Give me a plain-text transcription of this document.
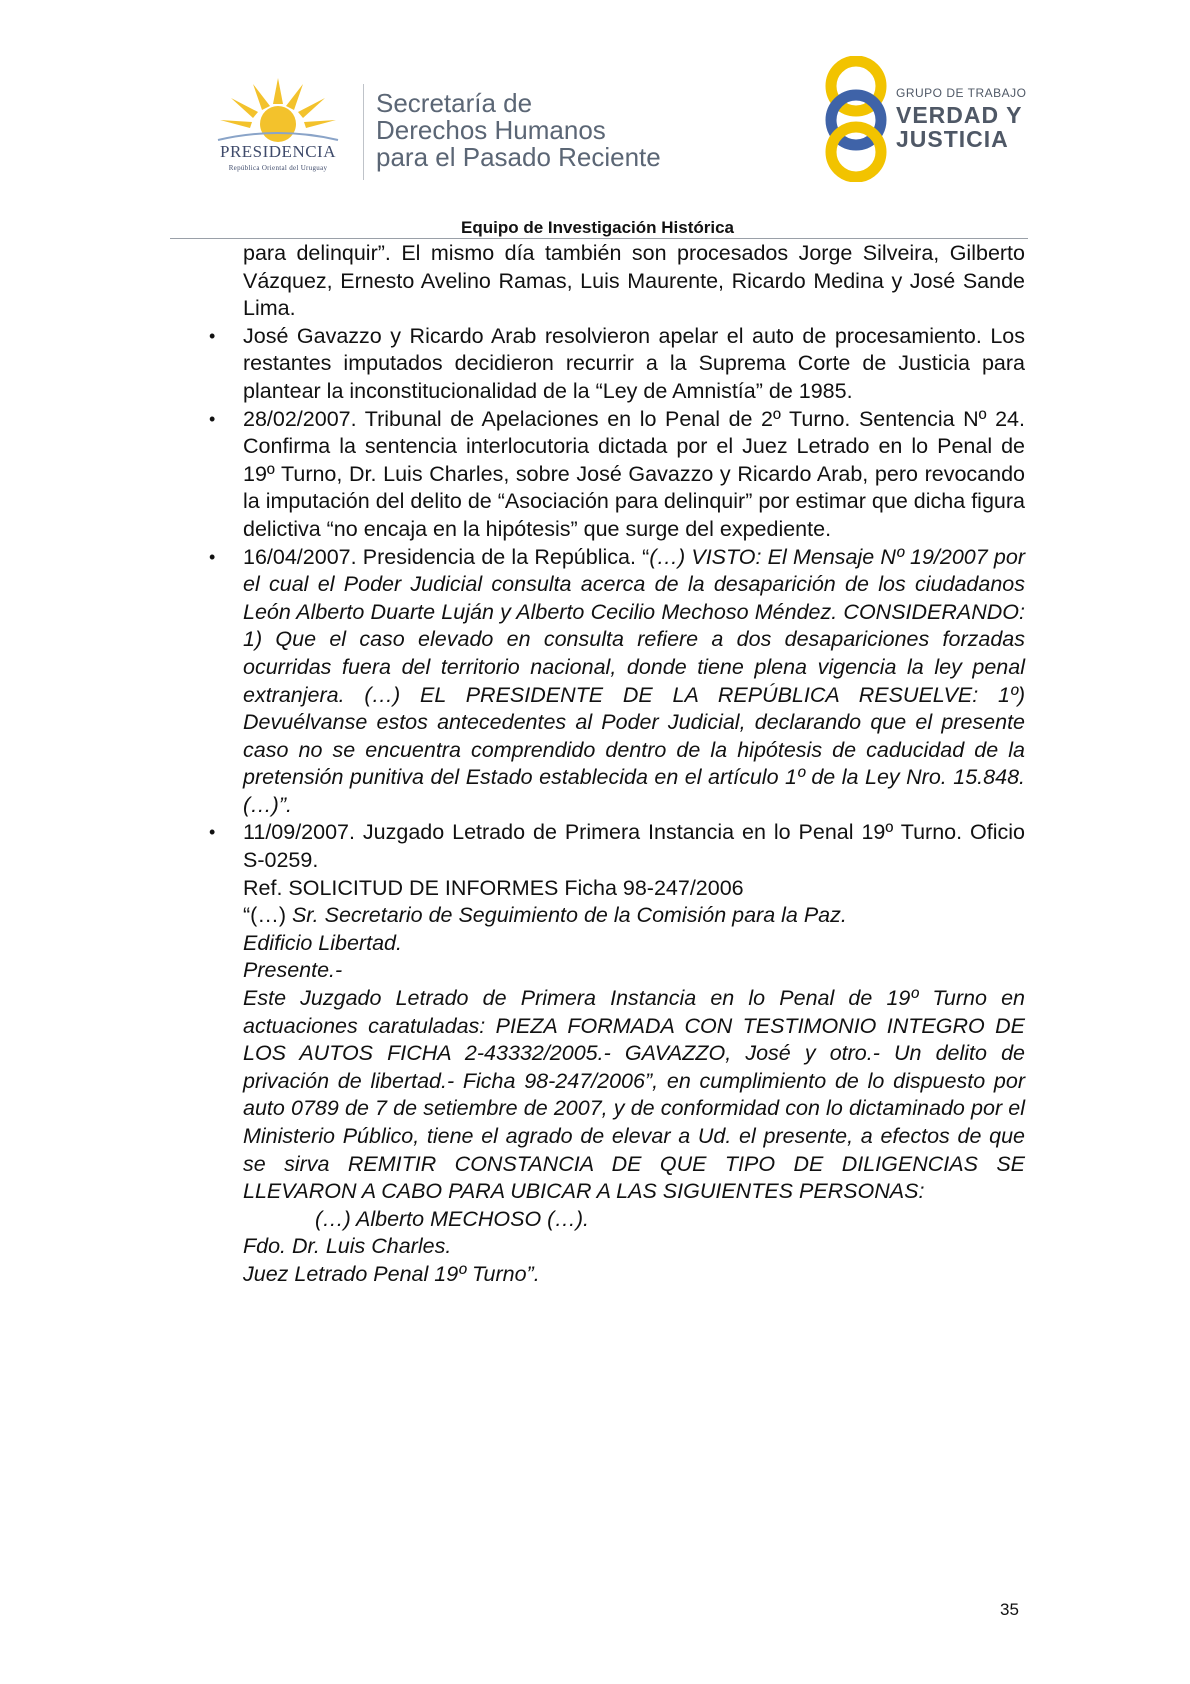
PRESIDENCIA
República Oriental del Uruguay
Secretaría de
Derechos Humanos
para el Pasado Reciente
GRUPO DE TRABAJO
VERDAD Y
JUSTICIA
Equipo de Investigación Histórica

para delinquir”. El mismo día también son procesados Jorge Silveira, Gilberto Vázquez, Ernesto Avelino Ramas, Luis Maurente, Ricardo Medina y José Sande Lima.

• José Gavazzo y Ricardo Arab resolvieron apelar el auto de procesamiento. Los restantes imputados decidieron recurrir a la Suprema Corte de Justicia para plantear la inconstitucionalidad de la “Ley de Amnistía” de 1985.

• 28/02/2007. Tribunal de Apelaciones en lo Penal de 2º Turno. Sentencia Nº 24. Confirma la sentencia interlocutoria dictada por el Juez Letrado en lo Penal de 19º Turno, Dr. Luis Charles, sobre José Gavazzo y Ricardo Arab, pero revocando la imputación del delito de “Asociación para delinquir” por estimar que dicha figura delictiva “no encaja en la hipótesis” que surge del expediente.

• 16/04/2007. Presidencia de la República. “(…) VISTO: El Mensaje Nº 19/2007 por el cual el Poder Judicial consulta acerca de la desaparición de los ciudadanos León Alberto Duarte Luján y Alberto Cecilio Mechoso Méndez. CONSIDERANDO: 1) Que el caso elevado en consulta refiere a dos desapariciones forzadas ocurridas fuera del territorio nacional, donde tiene plena vigencia la ley penal extranjera. (…) EL PRESIDENTE DE LA REPÚBLICA RESUELVE: 1º) Devuélvanse estos antecedentes al Poder Judicial, declarando que el presente caso no se encuentra comprendido dentro de la hipótesis de caducidad de la pretensión punitiva del Estado establecida en el artículo 1º de la Ley Nro. 15.848. (…)”.

• 11/09/2007. Juzgado Letrado de Primera Instancia en lo Penal 19º Turno. Oficio S-0259.

Ref. SOLICITUD DE INFORMES Ficha 98-247/2006

“(…) Sr. Secretario de Seguimiento de la Comisión para la Paz.

Edificio Libertad.

Presente.-

Este Juzgado Letrado de Primera Instancia en lo Penal de 19º Turno en actuaciones caratuladas: PIEZA FORMADA CON TESTIMONIO INTEGRO DE LOS AUTOS FICHA 2-43332/2005.- GAVAZZO, José y otro.- Un delito de privación de libertad.- Ficha 98-247/2006”, en cumplimiento de lo dispuesto por auto 0789 de 7 de setiembre de 2007, y de conformidad con lo dictaminado por el Ministerio Público, tiene el agrado de elevar a Ud. el presente, a efectos de que se sirva REMITIR CONSTANCIA DE QUE TIPO DE DILIGENCIAS SE LLEVARON A CABO PARA UBICAR A LAS SIGUIENTES PERSONAS:

(…) Alberto MECHOSO (…).

Fdo. Dr. Luis Charles.

Juez Letrado Penal 19º Turno”.

35
